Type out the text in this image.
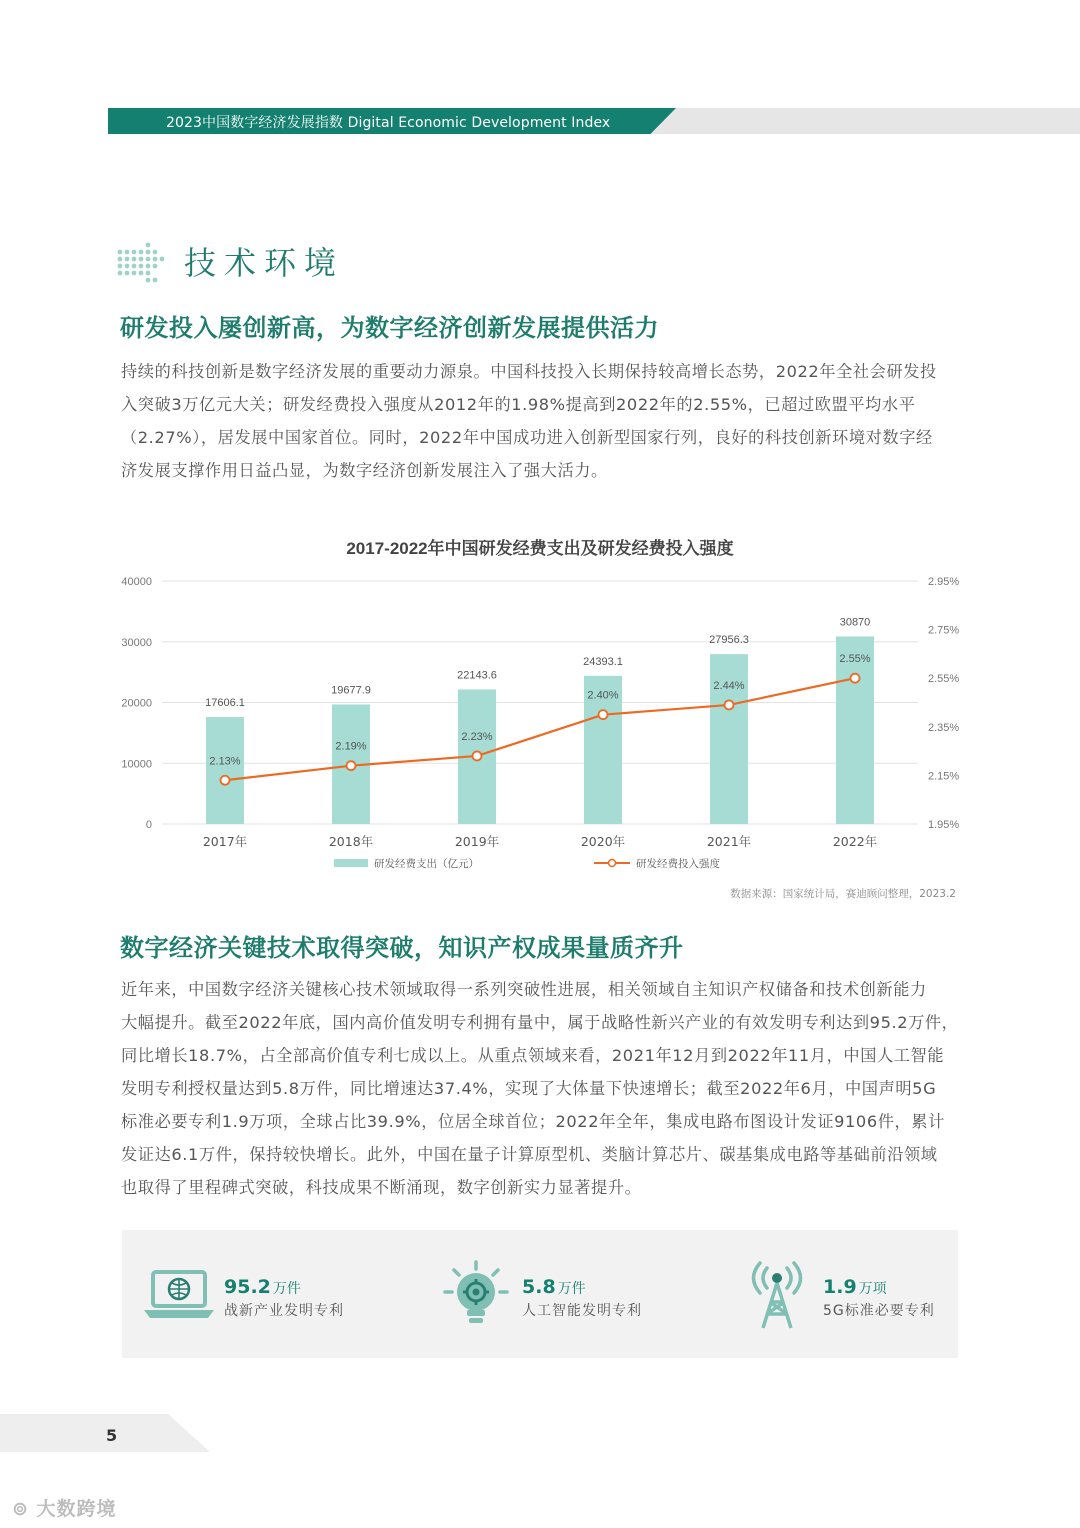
2023中国数字经济发展指数 Digital Economic Development Index
技术环境
研发投入屡创新高，为数字经济创新发展提供活力
持续的科技创新是数字经济发展的重要动力源泉。中国科技投入长期保持较高增长态势，2022年全社会研发投
入突破3万亿元大关；研发经费投入强度从2012年的1.98%提高到2022年的2.55%，已超过欧盟平均水平
（2.27%），居发展中国家首位。同时，2022年中国成功进入创新型国家行列，良好的科技创新环境对数字经
济发展支撑作用日益凸显，为数字经济创新发展注入了强大活力。
2017-2022年中国研发经费支出及研发经费投入强度
0
10000
20000
30000
40000
1.95%
2.15%
2.35%
2.55%
2.75%
2.95%
17606.1
2017年
19677.9
2018年
22143.6
2019年
24393.1
2020年
27956.3
2021年
30870
2022年
2.13%
2.19%
2.23%
2.40%
2.44%
2.55%
研发经费支出（亿元）	研发经费投入强度
数据来源：国家统计局，赛迪顾问整理，2023.2
数字经济关键技术取得突破，知识产权成果量质齐升
近年来，中国数字经济关键核心技术领域取得一系列突破性进展，相关领域自主知识产权储备和技术创新能力
大幅提升。截至2022年底，国内高价值发明专利拥有量中，属于战略性新兴产业的有效发明专利达到95.2万件，
同比增长18.7%，占全部高价值专利七成以上。从重点领域来看，2021年12月到2022年11月，中国人工智能
发明专利授权量达到5.8万件，同比增速达37.4%，实现了大体量下快速增长；截至2022年6月，中国声明5G
标准必要专利1.9万项，全球占比39.9%，位居全球首位；2022年全年，集成电路布图设计发证9106件，累计
发证达6.1万件，保持较快增长。此外，中国在量子计算原型机、类脑计算芯片、碳基集成电路等基础前沿领域
也取得了里程碑式突破，科技成果不断涌现，数字创新实力显著提升。
95.2 万件
战新产业发明专利
5.8 万件
人工智能发明专利
1.9 万项
5G标准必要专利
5
⊚ 大数跨境
